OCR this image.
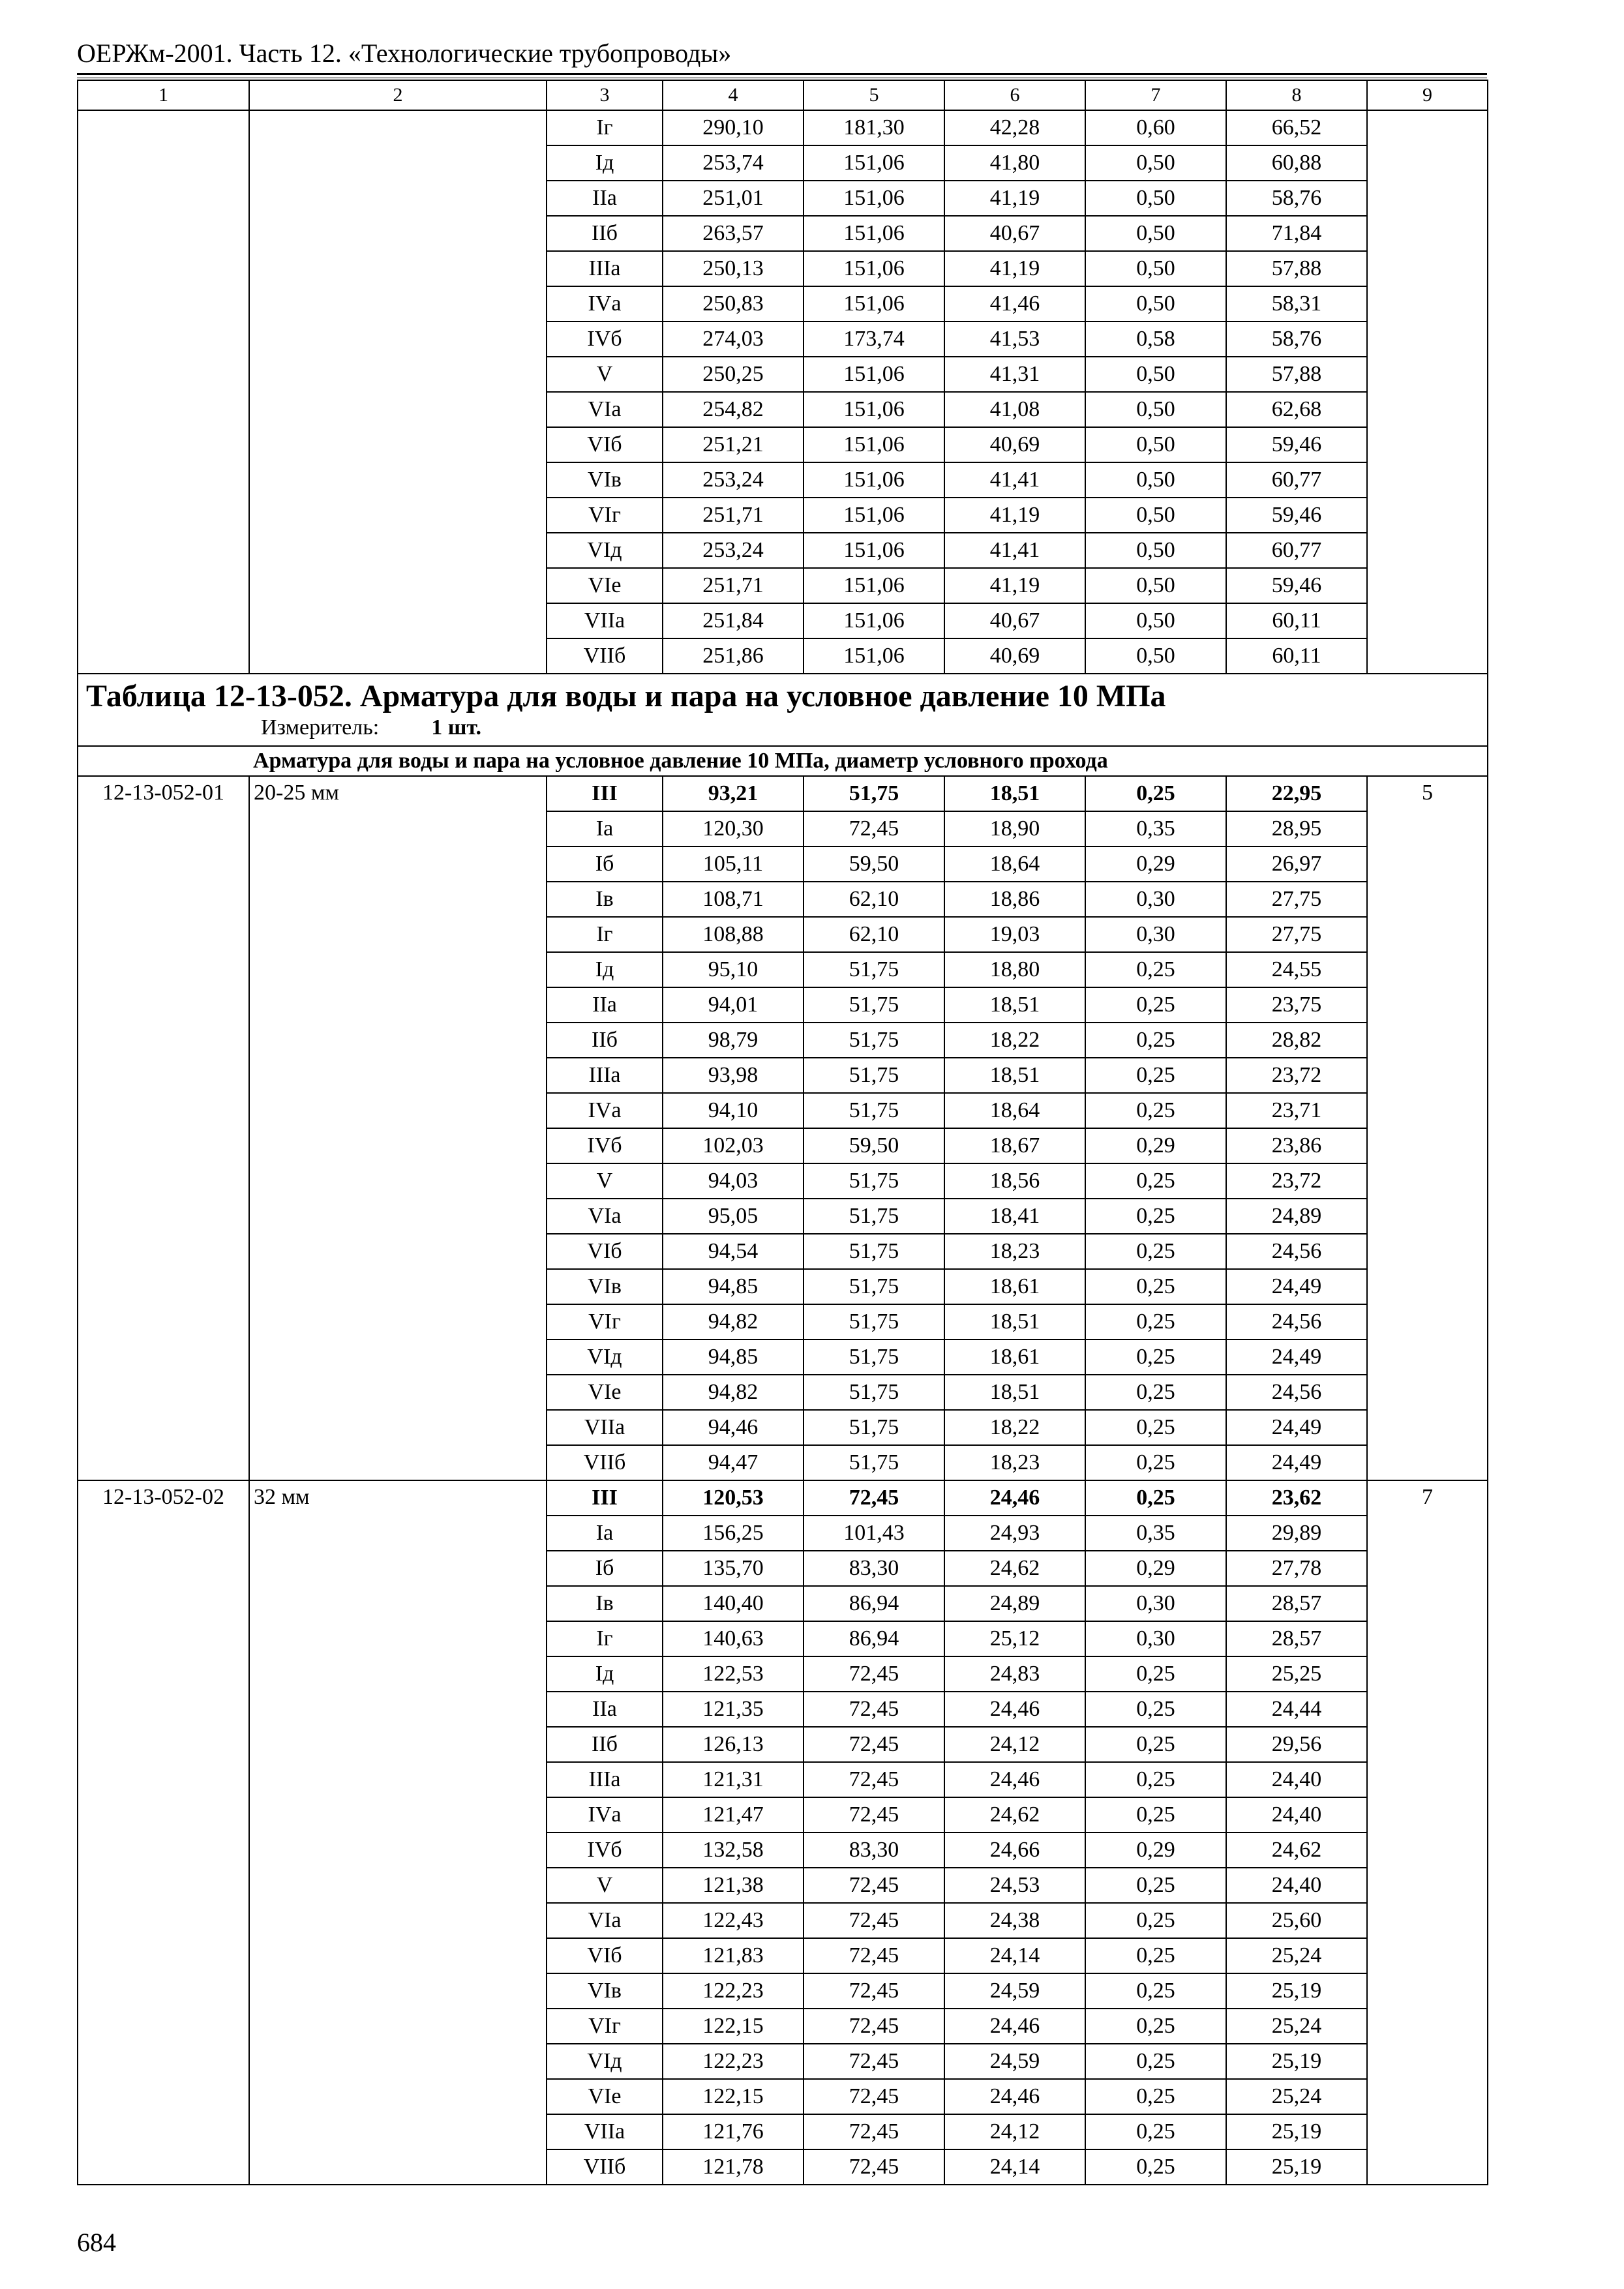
ОЕРЖм-2001. Часть 12. «Технологические трубопроводы»
1	2	3	4	5	6	7	8	9
		Iг	290,10	181,30	42,28	0,60	66,52	
		Iд	253,74	151,06	41,80	0,50	60,88	
		IIа	251,01	151,06	41,19	0,50	58,76	
		IIб	263,57	151,06	40,67	0,50	71,84	
		IIIа	250,13	151,06	41,19	0,50	57,88	
		IVа	250,83	151,06	41,46	0,50	58,31	
		IVб	274,03	173,74	41,53	0,58	58,76	
		V	250,25	151,06	41,31	0,50	57,88	
		VIа	254,82	151,06	41,08	0,50	62,68	
		VIб	251,21	151,06	40,69	0,50	59,46	
		VIв	253,24	151,06	41,41	0,50	60,77	
		VIг	251,71	151,06	41,19	0,50	59,46	
		VIд	253,24	151,06	41,41	0,50	60,77	
		VIе	251,71	151,06	41,19	0,50	59,46	
		VIIа	251,84	151,06	40,67	0,50	60,11	
		VIIб	251,86	151,06	40,69	0,50	60,11	

Таблица 12-13-052. Арматура для воды и пара на условное давление 10 МПа
Измеритель: 1 шт.								

Арматура для воды и пара на условное давление 10 МПа, диаметр условного прохода								
12-13-052-01	20-25 мм	III	93,21	51,75	18,51	0,25	22,95	5
		Iа	120,30	72,45	18,90	0,35	28,95	
		Iб	105,11	59,50	18,64	0,29	26,97	
		Iв	108,71	62,10	18,86	0,30	27,75	
		Iг	108,88	62,10	19,03	0,30	27,75	
		Iд	95,10	51,75	18,80	0,25	24,55	
		IIа	94,01	51,75	18,51	0,25	23,75	
		IIб	98,79	51,75	18,22	0,25	28,82	
		IIIа	93,98	51,75	18,51	0,25	23,72	
		IVа	94,10	51,75	18,64	0,25	23,71	
		IVб	102,03	59,50	18,67	0,29	23,86	
		V	94,03	51,75	18,56	0,25	23,72	
		VIа	95,05	51,75	18,41	0,25	24,89	
		VIб	94,54	51,75	18,23	0,25	24,56	
		VIв	94,85	51,75	18,61	0,25	24,49	
		VIг	94,82	51,75	18,51	0,25	24,56	
		VIд	94,85	51,75	18,61	0,25	24,49	
		VIе	94,82	51,75	18,51	0,25	24,56	
		VIIа	94,46	51,75	18,22	0,25	24,49	
		VIIб	94,47	51,75	18,23	0,25	24,49	
12-13-052-02	32 мм	III	120,53	72,45	24,46	0,25	23,62	7
		Iа	156,25	101,43	24,93	0,35	29,89	
		Iб	135,70	83,30	24,62	0,29	27,78	
		Iв	140,40	86,94	24,89	0,30	28,57	
		Iг	140,63	86,94	25,12	0,30	28,57	
		Iд	122,53	72,45	24,83	0,25	25,25	
		IIа	121,35	72,45	24,46	0,25	24,44	
		IIб	126,13	72,45	24,12	0,25	29,56	
		IIIа	121,31	72,45	24,46	0,25	24,40	
		IVа	121,47	72,45	24,62	0,25	24,40	
		IVб	132,58	83,30	24,66	0,29	24,62	
		V	121,38	72,45	24,53	0,25	24,40	
		VIа	122,43	72,45	24,38	0,25	25,60	
		VIб	121,83	72,45	24,14	0,25	25,24	
		VIв	122,23	72,45	24,59	0,25	25,19	
		VIг	122,15	72,45	24,46	0,25	25,24	
		VIд	122,23	72,45	24,59	0,25	25,19	
		VIе	122,15	72,45	24,46	0,25	25,24	
		VIIа	121,76	72,45	24,12	0,25	25,19	
		VIIб	121,78	72,45	24,14	0,25	25,19	
684
